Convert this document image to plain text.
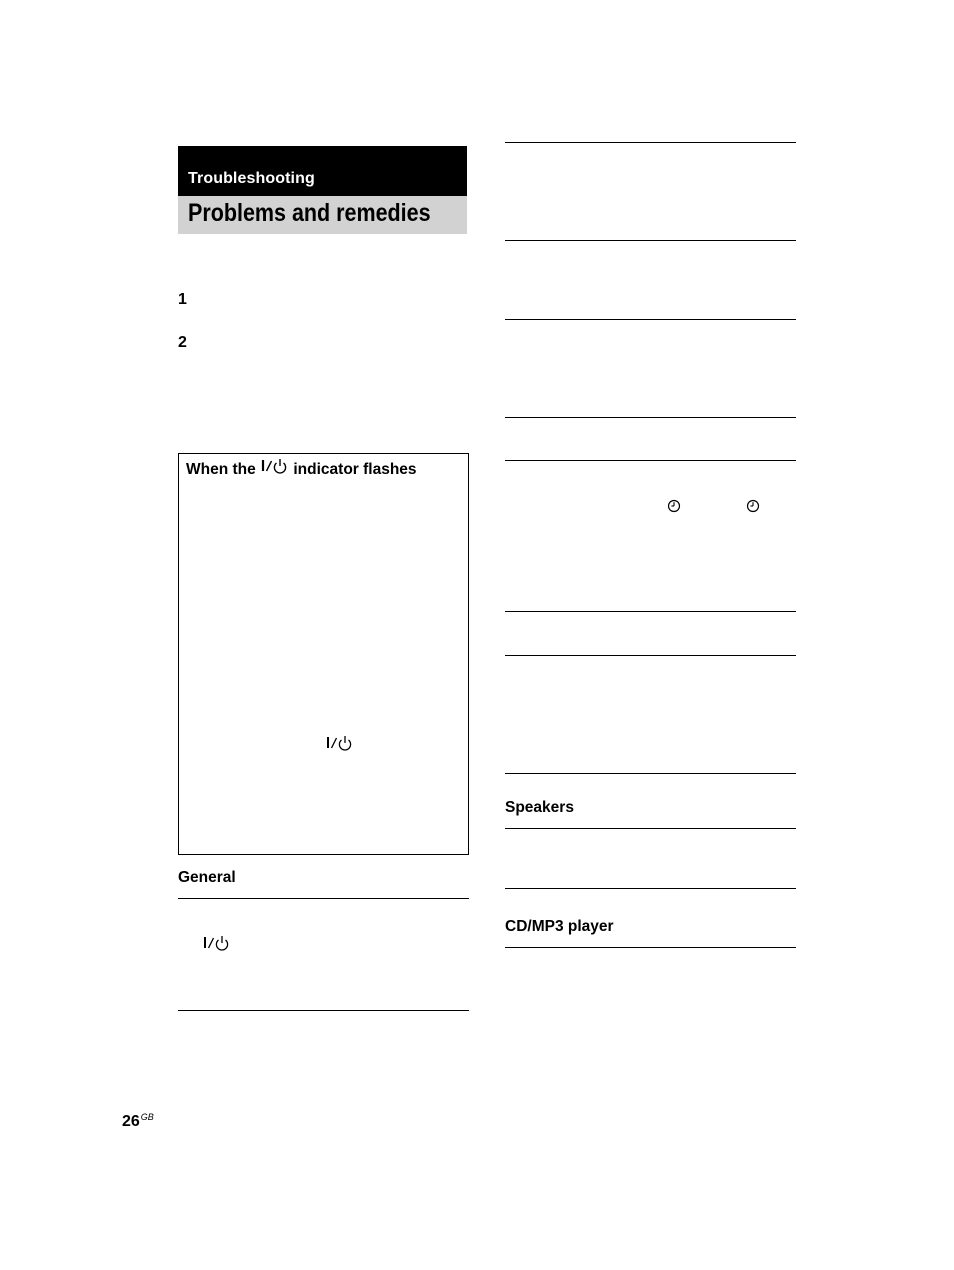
Troubleshooting
Problems and remedies
1
2
When the
indicator flashes
General
Speakers
CD/MP3 player
$26^{GB}$
